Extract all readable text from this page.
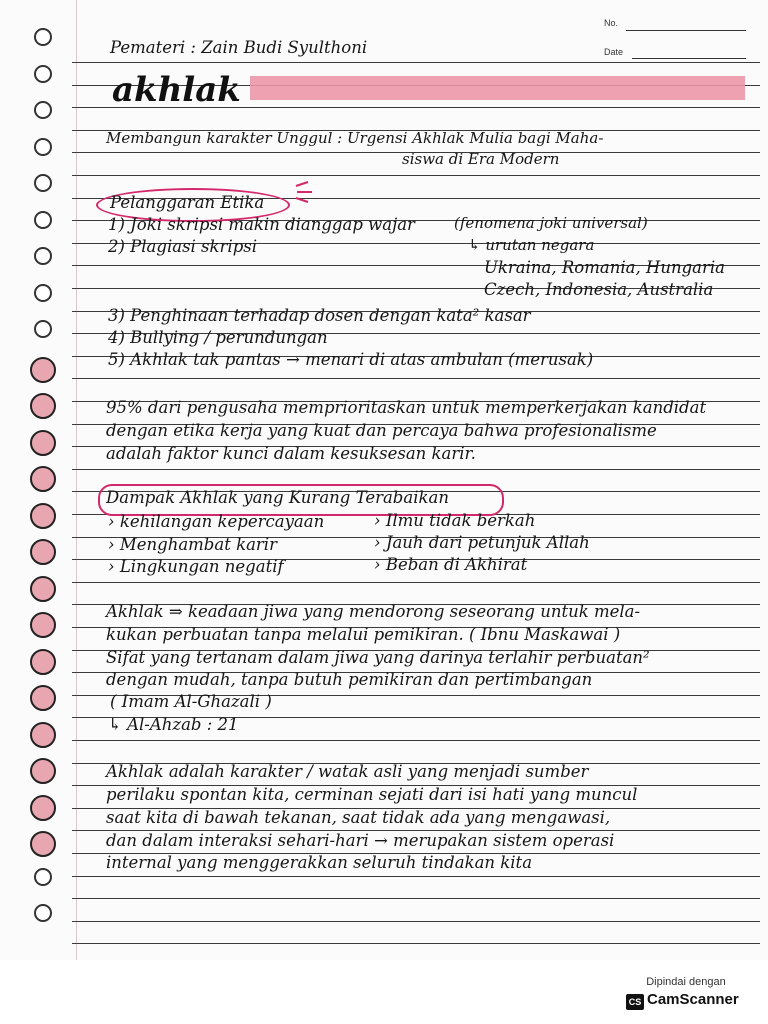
No.
Date
Pemateri : Zain Budi Syulthoni
akhlak
Membangun karakter Unggul : Urgensi Akhlak Mulia bagi Maha-
siswa di Era Modern
Pelanggaran Etika
1) Joki skripsi makin dianggap wajar	(fenomena joki universal)
2) Plagiasi skripsi	↳ urutan negara
Ukraina, Romania, Hungaria
Czech, Indonesia, Australia
3) Penghinaan terhadap dosen dengan kata² kasar
4) Bullying / perundungan
5) Akhlak tak pantas → menari di atas ambulan (merusak)
95% dari pengusaha memprioritaskan untuk memperkerjakan kandidat
dengan etika kerja yang kuat dan percaya bahwa profesionalisme
adalah faktor kunci dalam kesuksesan karir.
Dampak Akhlak yang Kurang Terabaikan
› kehilangan kepercayaan
› Menghambat karir
› Lingkungan negatif
› Ilmu tidak berkah
› Jauh dari petunjuk Allah
› Beban di Akhirat
Akhlak ⇒ keadaan jiwa yang mendorong seseorang untuk mela-
kukan perbuatan tanpa melalui pemikiran. ( Ibnu Maskawai )
Sifat yang tertanam dalam jiwa yang darinya terlahir perbuatan²
dengan mudah, tanpa butuh pemikiran dan pertimbangan
( Imam Al-Ghazali )
↳ Al-Ahzab : 21
Akhlak adalah karakter / watak asli yang menjadi sumber
perilaku spontan kita, cerminan sejati dari isi hati yang muncul
saat kita di bawah tekanan, saat tidak ada yang mengawasi,
dan dalam interaksi sehari-hari → merupakan sistem operasi
internal yang menggerakkan seluruh tindakan kita
Dipindai dengan
CS CamScanner
